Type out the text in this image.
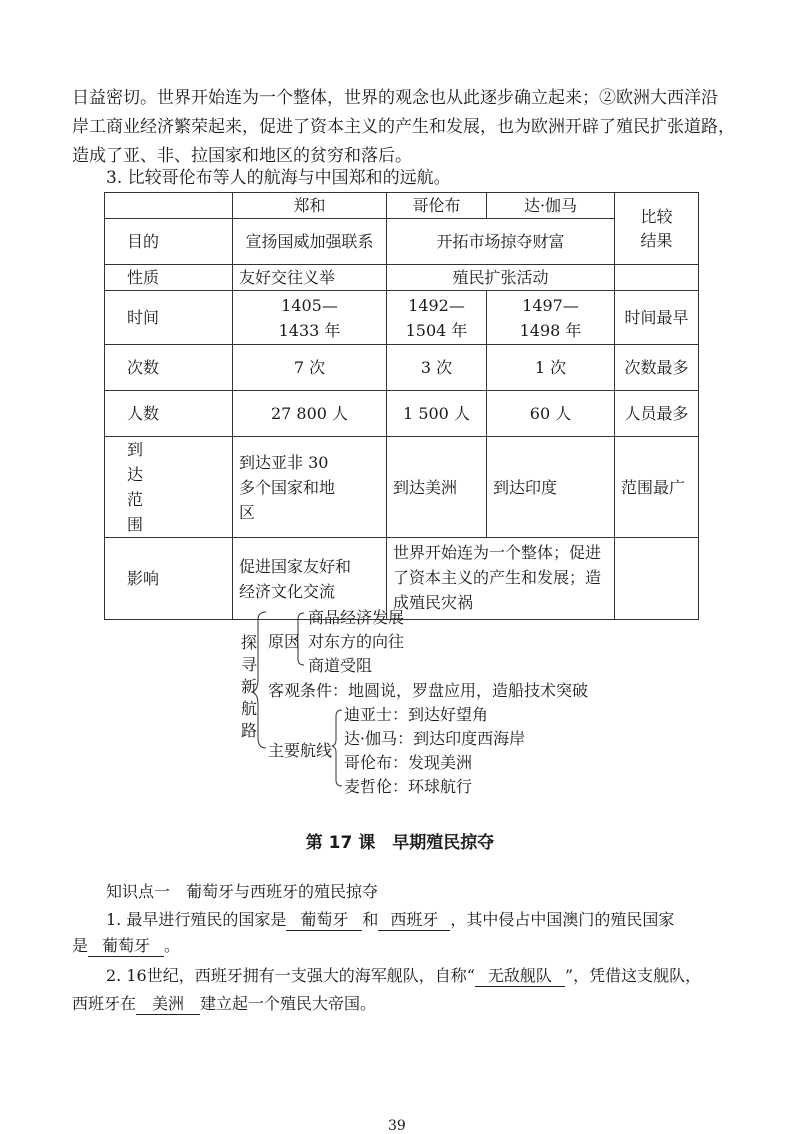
日益密切。世界开始连为一个整体，世界的观念也从此逐步确立起来；②欧洲大西洋沿
岸工商业经济繁荣起来，促进了资本主义的产生和发展，也为欧洲开辟了殖民扩张道路，
造成了亚、非、拉国家和地区的贫穷和落后。
3. 比较哥伦布等人的航海与中国郑和的远航。
	郑和	哥伦布	达·伽马	比较结果
目的	宣扬国威加强联系	开拓市场掠夺财富		
性质	友好交往义举	殖民扩张活动		
时间	1405—1433 年	1492—1504 年	1497—1498 年	时间最早
次数	7 次	3 次	1 次	次数最多
人数	27 800 人	1 500 人	60 人	人员最多
到达范围	到达亚非 30 多个国家和地区	到达美洲	到达印度	范围最广
影响	促进国家友好和经济文化交流	世界开始连为一个整体；促进了资本主义的产生和发展；造成殖民灾祸		
探
寻
新
航
路
原因
商品经济发展
对东方的向往
商道受阻
客观条件：地圆说，罗盘应用，造船技术突破
主要航线
迪亚士：到达好望角
达·伽马：到达印度西海岸
哥伦布：发现美洲
麦哲伦：环球航行
第 17 课　早期殖民掠夺
知识点一　葡萄牙与西班牙的殖民掠夺
1. 最早进行殖民的国家是 葡萄牙 和 西班牙 ，其中侵占中国澳门的殖民国家
是 葡萄牙 。
2. 16世纪，西班牙拥有一支强大的海军舰队，自称“ 无敌舰队 ”，凭借这支舰队，
西班牙在 美洲 建立起一个殖民大帝国。
39
